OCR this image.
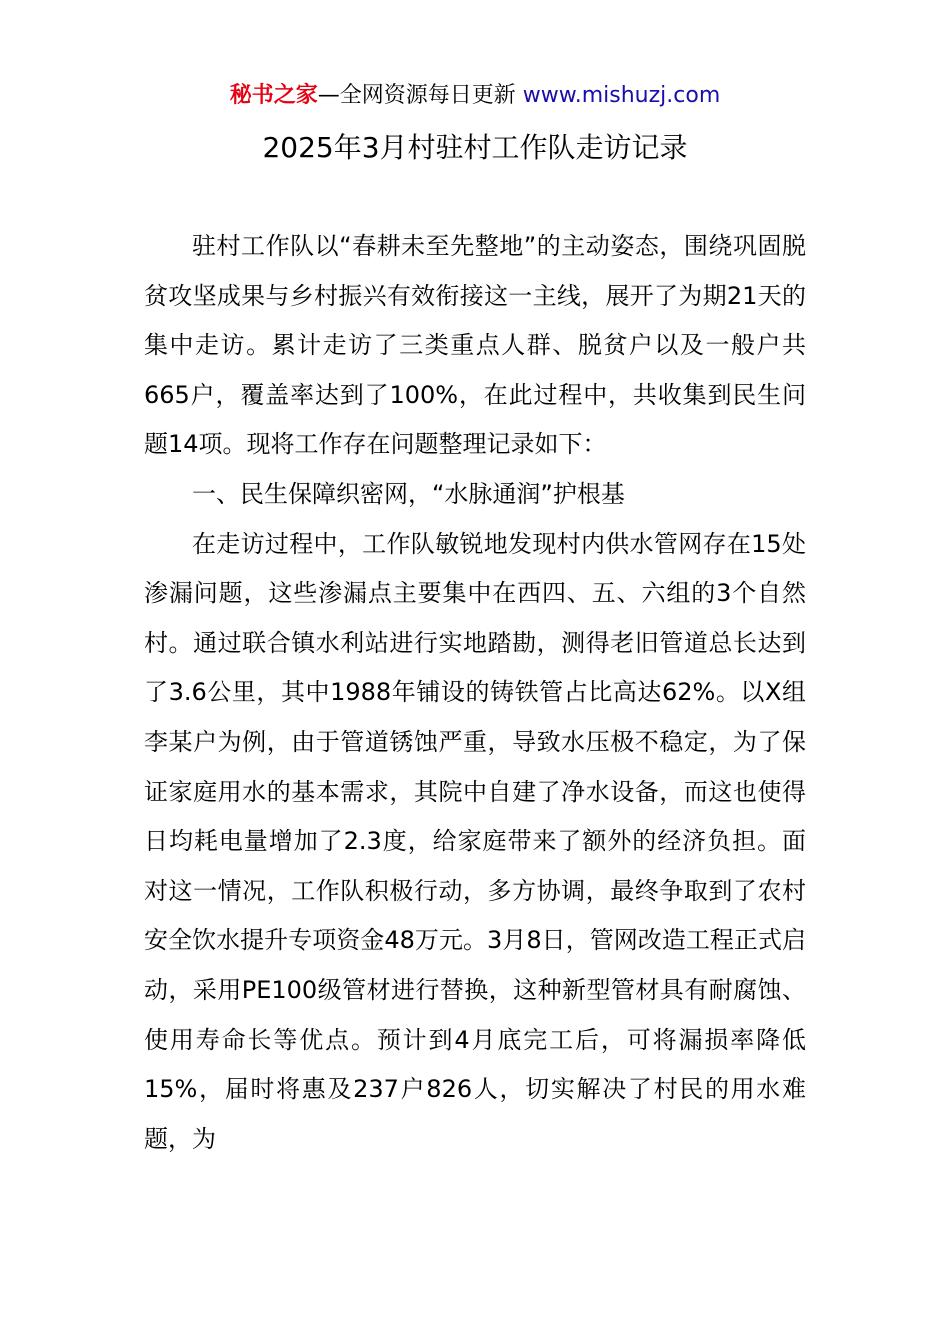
秘书之家—全网资源每日更新 www.mishuzj.com
2025年3月村驻村工作队走访记录

驻村工作队以“春耕未至先整地”的主动姿态，围绕巩固脱贫攻坚成果与乡村振兴有效衔接这一主线，展开了为期21天的集中走访。累计走访了三类重点人群、脱贫户以及一般户共665户，覆盖率达到了100%，在此过程中，共收集到民生问题14项。现将工作存在问题整理记录如下：

一、民生保障织密网，“水脉通润”护根基

在走访过程中，工作队敏锐地发现村内供水管网存在15处渗漏问题，这些渗漏点主要集中在西四、五、六组的3个自然村。通过联合镇水利站进行实地踏勘，测得老旧管道总长达到了3.6公里，其中1988年铺设的铸铁管占比高达62%。以X组李某户为例，由于管道锈蚀严重，导致水压极不稳定，为了保证家庭用水的基本需求，其院中自建了净水设备，而这也使得日均耗电量增加了2.3度，给家庭带来了额外的经济负担。面对这一情况，工作队积极行动，多方协调，最终争取到了农村安全饮水提升专项资金48万元。3月8日，管网改造工程正式启动，采用PE100级管材进行替换，这种新型管材具有耐腐蚀、使用寿命长等优点。预计到4月底完工后，可将漏损率降低15%，届时将惠及237户826人，切实解决了村民的用水难题，为
